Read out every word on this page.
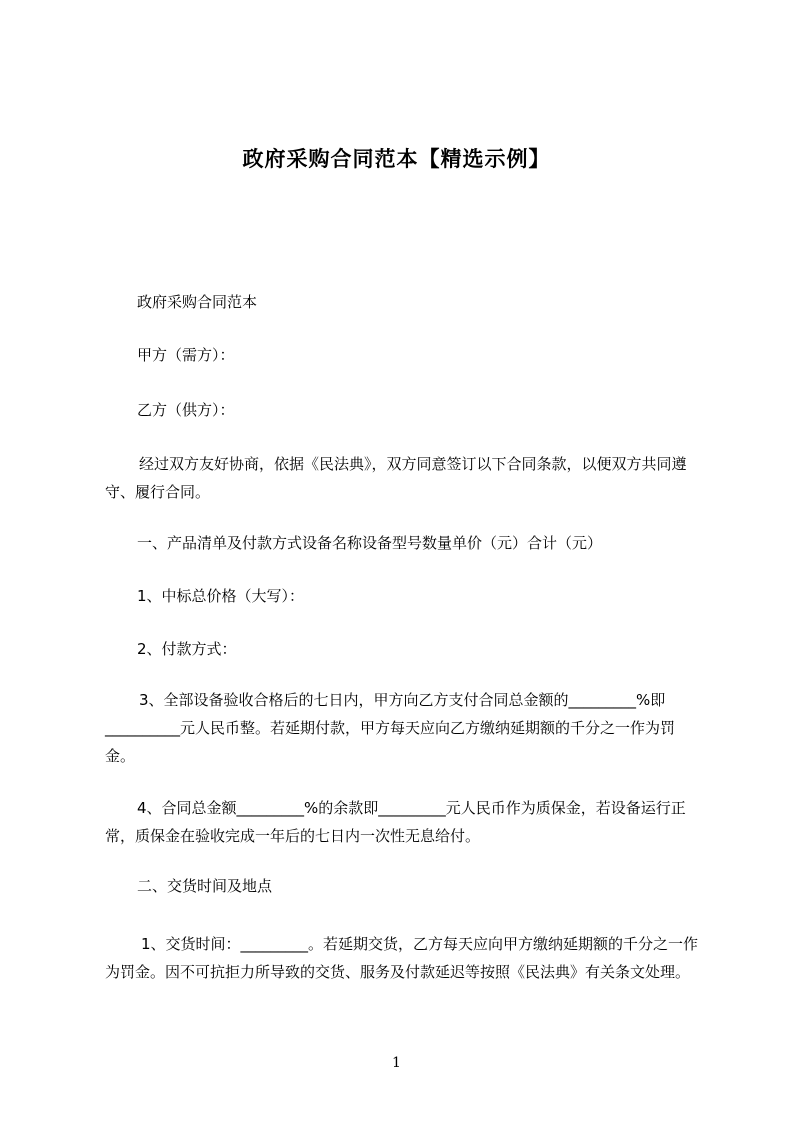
政府采购合同范本【精选示例】
政府采购合同范本
甲方（需方）：
乙方（供方）：
经过双方友好协商，依据《民法典》，双方同意签订以下合同条款，以便双方共同遵守、履行合同。
一、产品清单及付款方式设备名称设备型号数量单价（元）合计（元）
1、中标总价格（大写）：
2、付款方式：
3、全部设备验收合格后的七日内，甲方向乙方支付合同总金额的_________%即__________元人民币整。若延期付款，甲方每天应向乙方缴纳延期额的千分之一作为罚金。
4、合同总金额_________%的余款即_________元人民币作为质保金，若设备运行正常，质保金在验收完成一年后的七日内一次性无息给付。
二、交货时间及地点
1、交货时间：_________。若延期交货，乙方每天应向甲方缴纳延期额的千分之一作为罚金。因不可抗拒力所导致的交货、服务及付款延迟等按照《民法典》有关条文处理。
1
